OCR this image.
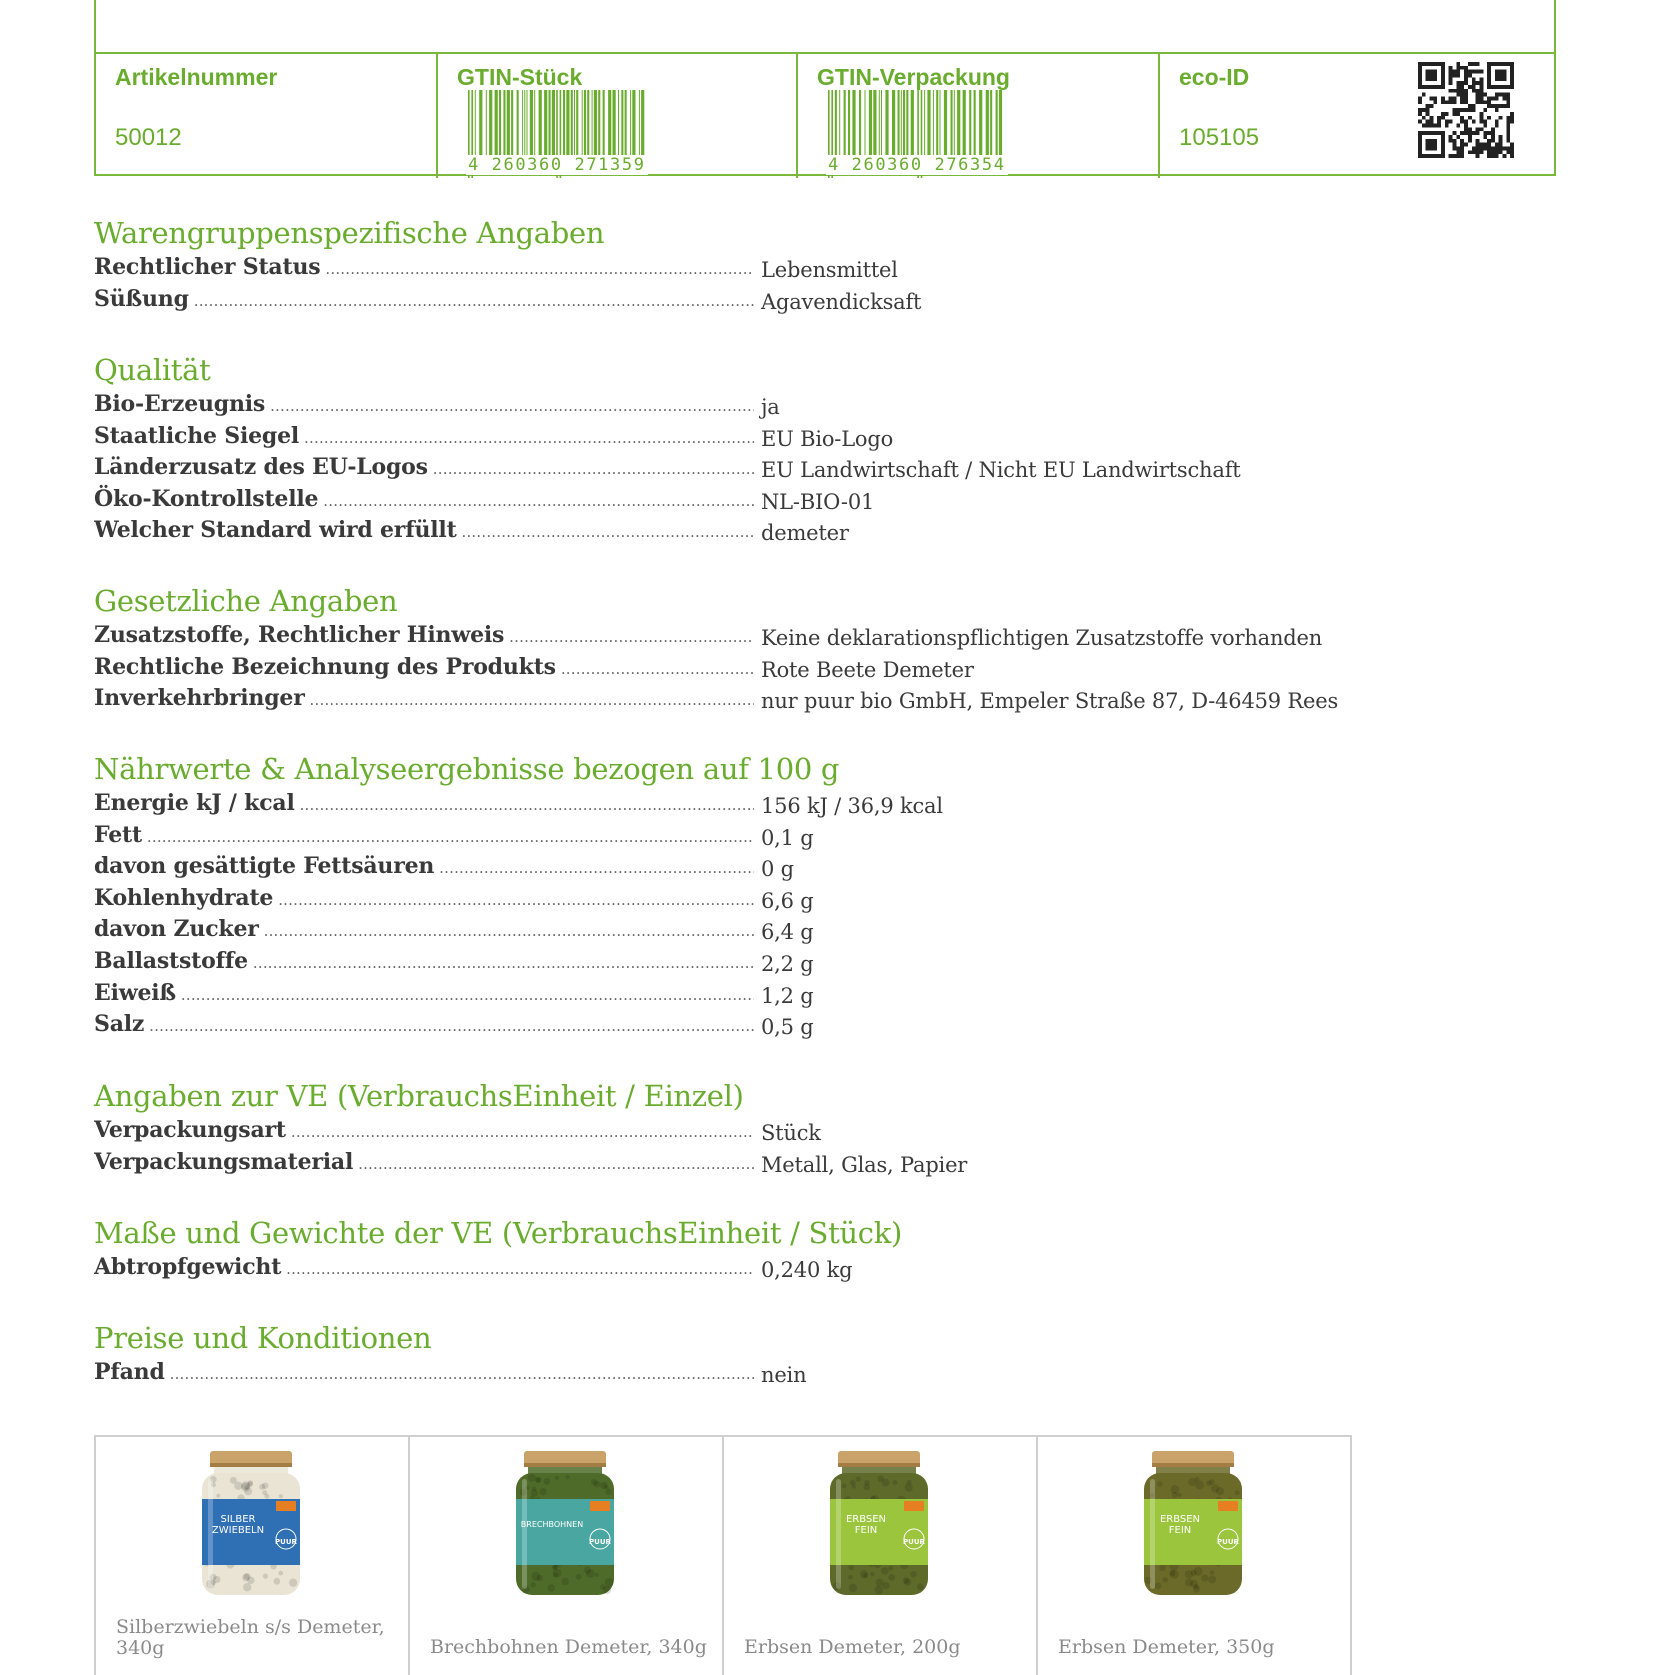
Artikelnummer
50012
GTIN-Stück
4 260360 271359
GTIN-Verpackung
4 260360 276354
eco-ID
105105
Warengruppenspezifische Angaben
Rechtlicher Status .....	Lebensmittel
Süßung .....	Agavendicksaft
Qualität
Bio-Erzeugnis .....	ja
Staatliche Siegel .....	EU Bio-Logo
Länderzusatz des EU-Logos .....	EU Landwirtschaft / Nicht EU Landwirtschaft
Öko-Kontrollstelle .....	NL-BIO-01
Welcher Standard wird erfüllt .....	demeter
Gesetzliche Angaben
Zusatzstoffe, Rechtlicher Hinweis .....	Keine deklarationspflichtigen Zusatzstoffe vorhanden
Rechtliche Bezeichnung des Produkts .....	Rote Beete Demeter
Inverkehrbringer .....	nur puur bio GmbH, Empeler Straße 87, D-46459 Rees
Nährwerte & Analyseergebnisse bezogen auf 100 g
Energie kJ / kcal .....	156 kJ / 36,9 kcal
Fett .....	0,1 g
davon gesättigte Fettsäuren .....	0 g
Kohlenhydrate .....	6,6 g
davon Zucker .....	6,4 g
Ballaststoffe .....	2,2 g
Eiweiß .....	1,2 g
Salz .....	0,5 g
Angaben zur VE (VerbrauchsEinheit / Einzel)
Verpackungsart .....	Stück
Verpackungsmaterial .....	Metall, Glas, Papier
Maße und Gewichte der VE (VerbrauchsEinheit / Stück)
Abtropfgewicht .....	0,240 kg
Preise und Konditionen
Pfand .....	nein
PUUR
SILBER
ZWIEBELN
Silberzwiebeln s/s Demeter, 340g
PUUR
BRECHBOHNEN
Brechbohnen Demeter, 340g
PUUR
ERBSEN
FEIN
Erbsen Demeter, 200g
PUUR
ERBSEN
FEIN
Erbsen Demeter, 350g
